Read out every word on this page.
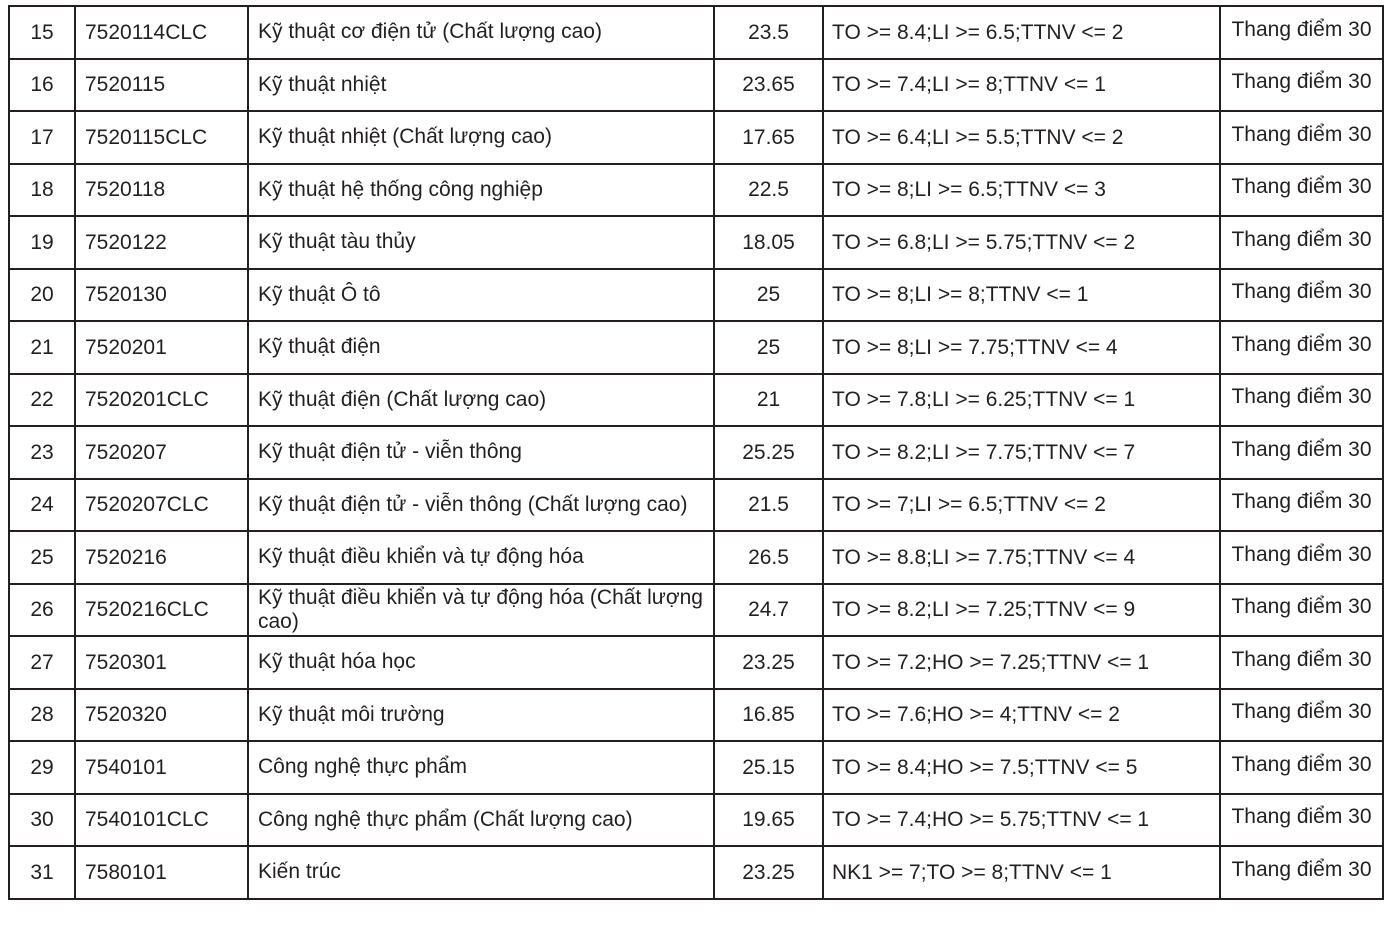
15	7520114CLC	Kỹ thuật cơ điện tử (Chất lượng cao)	23.5	TO >= 8.4;LI >= 6.5;TTNV <= 2	Thang điểm 30

16	7520115	Kỹ thuật nhiệt	23.65	TO >= 7.4;LI >= 8;TTNV <= 1	Thang điểm 30

17	7520115CLC	Kỹ thuật nhiệt (Chất lượng cao)	17.65	TO >= 6.4;LI >= 5.5;TTNV <= 2	Thang điểm 30

18	7520118	Kỹ thuật hệ thống công nghiệp	22.5	TO >= 8;LI >= 6.5;TTNV <= 3	Thang điểm 30

19	7520122	Kỹ thuật tàu thủy	18.05	TO >= 6.8;LI >= 5.75;TTNV <= 2	Thang điểm 30

20	7520130	Kỹ thuật Ô tô	25	TO >= 8;LI >= 8;TTNV <= 1	Thang điểm 30

21	7520201	Kỹ thuật điện	25	TO >= 8;LI >= 7.75;TTNV <= 4	Thang điểm 30

22	7520201CLC	Kỹ thuật điện (Chất lượng cao)	21	TO >= 7.8;LI >= 6.25;TTNV <= 1	Thang điểm 30

23	7520207	Kỹ thuật điện tử - viễn thông	25.25	TO >= 8.2;LI >= 7.75;TTNV <= 7	Thang điểm 30

24	7520207CLC	Kỹ thuật điện tử - viễn thông (Chất lượng cao)	21.5	TO >= 7;LI >= 6.5;TTNV <= 2	Thang điểm 30

25	7520216	Kỹ thuật điều khiển và tự động hóa	26.5	TO >= 8.8;LI >= 7.75;TTNV <= 4	Thang điểm 30

26	7520216CLC	Kỹ thuật điều khiển và tự động hóa (Chất lượng cao)	24.7	TO >= 8.2;LI >= 7.25;TTNV <= 9	Thang điểm 30

27	7520301	Kỹ thuật hóa học	23.25	TO >= 7.2;HO >= 7.25;TTNV <= 1	Thang điểm 30

28	7520320	Kỹ thuật môi trường	16.85	TO >= 7.6;HO >= 4;TTNV <= 2	Thang điểm 30

29	7540101	Công nghệ thực phẩm	25.15	TO >= 8.4;HO >= 7.5;TTNV <= 5	Thang điểm 30

30	7540101CLC	Công nghệ thực phẩm (Chất lượng cao)	19.65	TO >= 7.4;HO >= 5.75;TTNV <= 1	Thang điểm 30

31	7580101	Kiến trúc	23.25	NK1 >= 7;TO >= 8;TTNV <= 1	Thang điểm 30
